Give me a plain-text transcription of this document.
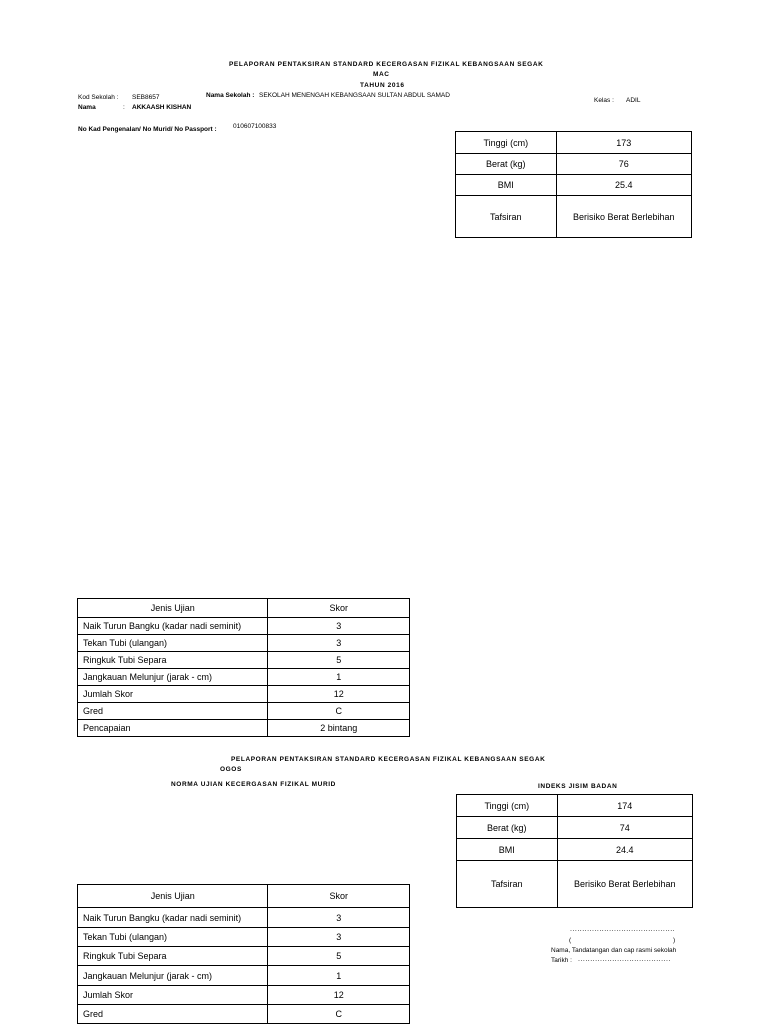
PELAPORAN PENTAKSIRAN STANDARD KECERGASAN FIZIKAL KEBANGSAAN SEGAK
MAC
TAHUN 2016
Kod Sekolah : SEB8657	Nama Sekolah : SEKOLAH MENENGAH KEBANGSAAN SULTAN ABDUL SAMAD
Kelas : ADIL
Nama	: AKKAASH KISHAN
No Kad Pengenalan/ No Murid/ No Passport :	010607100833
Tinggi (cm)	173
Berat (kg)	76
BMI	25.4
Tafsiran	Berisiko Berat Berlebihan
Jenis Ujian	Skor
Naik Turun Bangku (kadar nadi seminit)	3
Tekan Tubi (ulangan)	3
Ringkuk Tubi Separa	5
Jangkauan Melunjur (jarak - cm)	1
Jumlah Skor	12
Gred	C
Pencapaian	2 bintang
PELAPORAN PENTAKSIRAN STANDARD KECERGASAN FIZIKAL KEBANGSAAN SEGAK
OGOS
NORMA UJIAN KECERGASAN FIZIKAL MURID	INDEKS JISIM BADAN
Tinggi (cm)	174
Berat (kg)	74
BMI	24.4
Tafsiran	Berisiko Berat Berlebihan
Jenis Ujian	Skor
Naik Turun Bangku (kadar nadi seminit)	3
Tekan Tubi (ulangan)	3
Ringkuk Tubi Separa	5
Jangkauan Melunjur (jarak - cm)	1
Jumlah Skor	12
Gred	C
...........................................
(	)
Nama, Tandatangan dan cap rasmi sekolah
Tarikh : ......................................
